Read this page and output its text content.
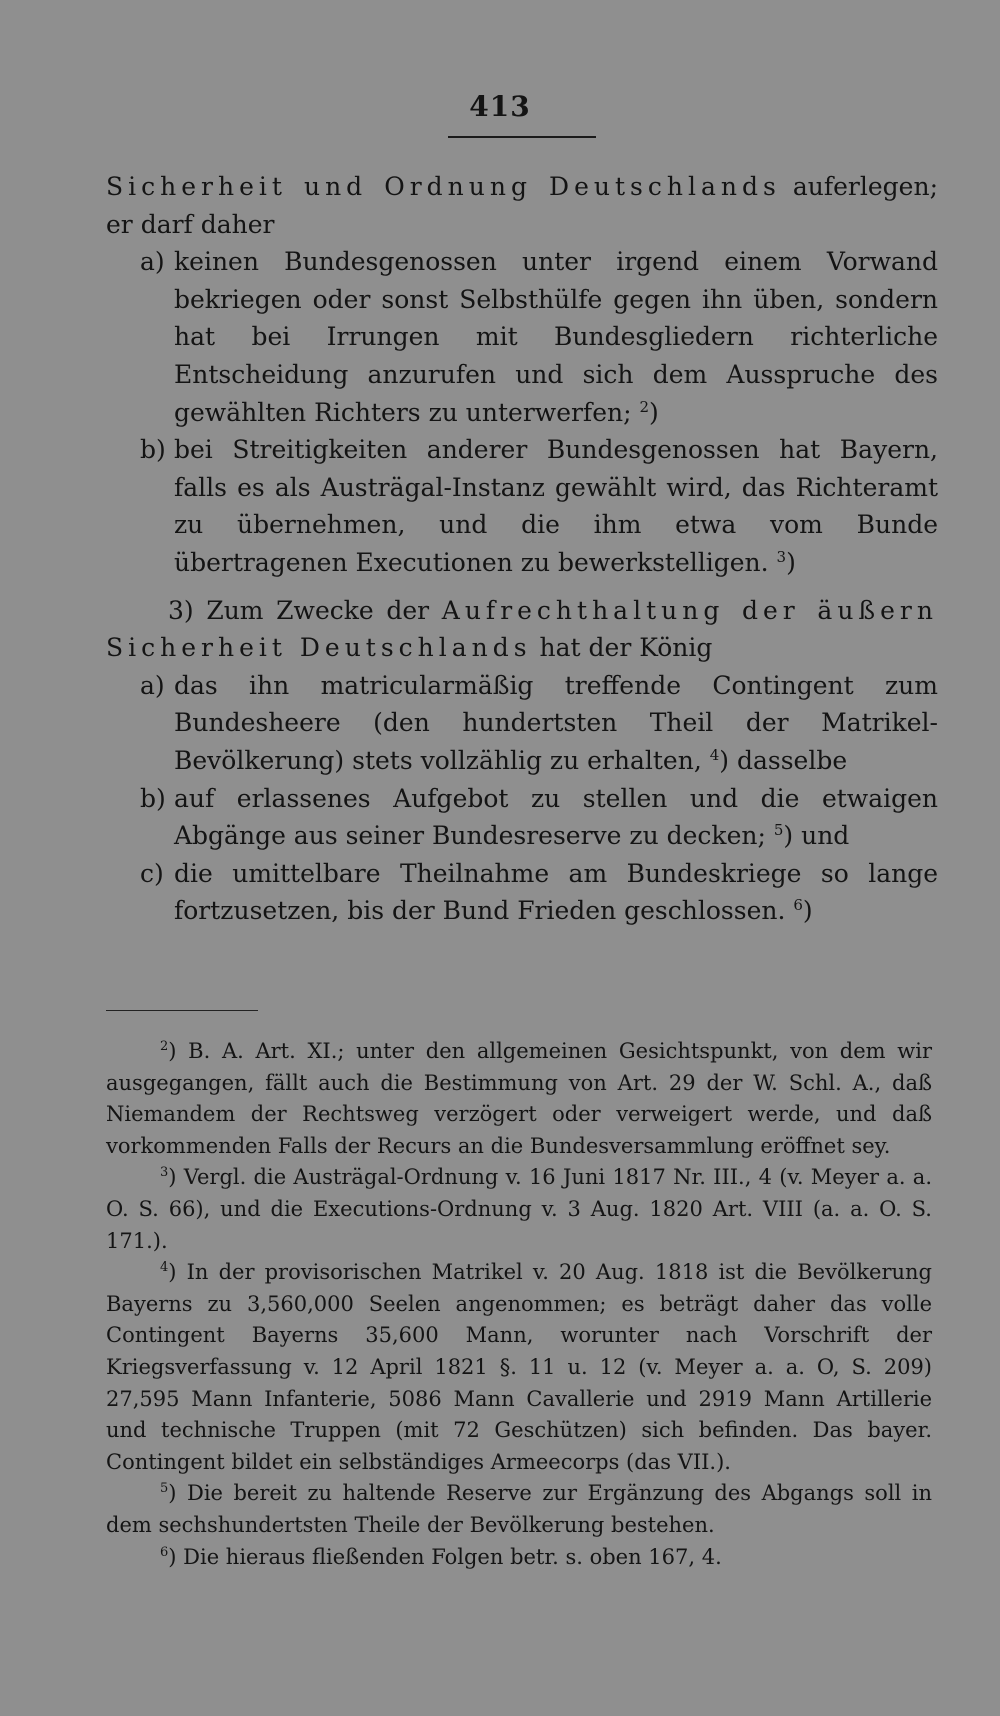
413

Sicherheit und Ordnung Deutschlands auferlegen; er darf daher

a) keinen Bundesgenossen unter irgend einem Vorwand bekriegen oder sonst Selbsthülfe gegen ihn üben, sondern hat bei Irrungen mit Bundesgliedern richterliche Entscheidung anzurufen und sich dem Ausspruche des gewählten Richters zu unterwerfen; $^2$)

b) bei Streitigkeiten anderer Bundesgenossen hat Bayern, falls es als Austrägal-Instanz gewählt wird, das Richteramt zu übernehmen, und die ihm etwa vom Bunde übertragenen Executionen zu bewerkstelligen. $^3$)

3) Zum Zwecke der Aufrechthaltung der äußern Sicherheit Deutschlands hat der König

a) das ihn matricularmäßig treffende Contingent zum Bundesheere (den hundertsten Theil der Matrikel-Bevölkerung) stets vollzählig zu erhalten, $^4$) dasselbe

b) auf erlassenes Aufgebot zu stellen und die etwaigen Abgänge aus seiner Bundesreserve zu decken; $^5$) und

c) die umittelbare Theilnahme am Bundeskriege so lange fortzusetzen, bis der Bund Frieden geschlossen. $^6$)

$^2$) B. A. Art. XI.; unter den allgemeinen Gesichtspunkt, von dem wir ausgegangen, fällt auch die Bestimmung von Art. 29 der W. Schl. A., daß Niemandem der Rechtsweg verzögert oder verweigert werde, und daß vorkommenden Falls der Recurs an die Bundesversammlung eröffnet sey.

$^3$) Vergl. die Austrägal-Ordnung v. 16 Juni 1817 Nr. III., 4 (v. Meyer a. a. O. S. 66), und die Executions-Ordnung v. 3 Aug. 1820 Art. VIII (a. a. O. S. 171.).

$^4$) In der provisorischen Matrikel v. 20 Aug. 1818 ist die Bevölkerung Bayerns zu 3,560,000 Seelen angenommen; es beträgt daher das volle Contingent Bayerns 35,600 Mann, worunter nach Vorschrift der Kriegsverfassung v. 12 April 1821 §. 11 u. 12 (v. Meyer a. a. O, S. 209) 27,595 Mann Infanterie, 5086 Mann Cavallerie und 2919 Mann Artillerie und technische Truppen (mit 72 Geschützen) sich befinden. Das bayer. Contingent bildet ein selbständiges Armeecorps (das VII.).

$^5$) Die bereit zu haltende Reserve zur Ergänzung des Abgangs soll in dem sechshundertsten Theile der Bevölkerung bestehen.

$^6$) Die hieraus fließenden Folgen betr. s. oben 167, 4.
